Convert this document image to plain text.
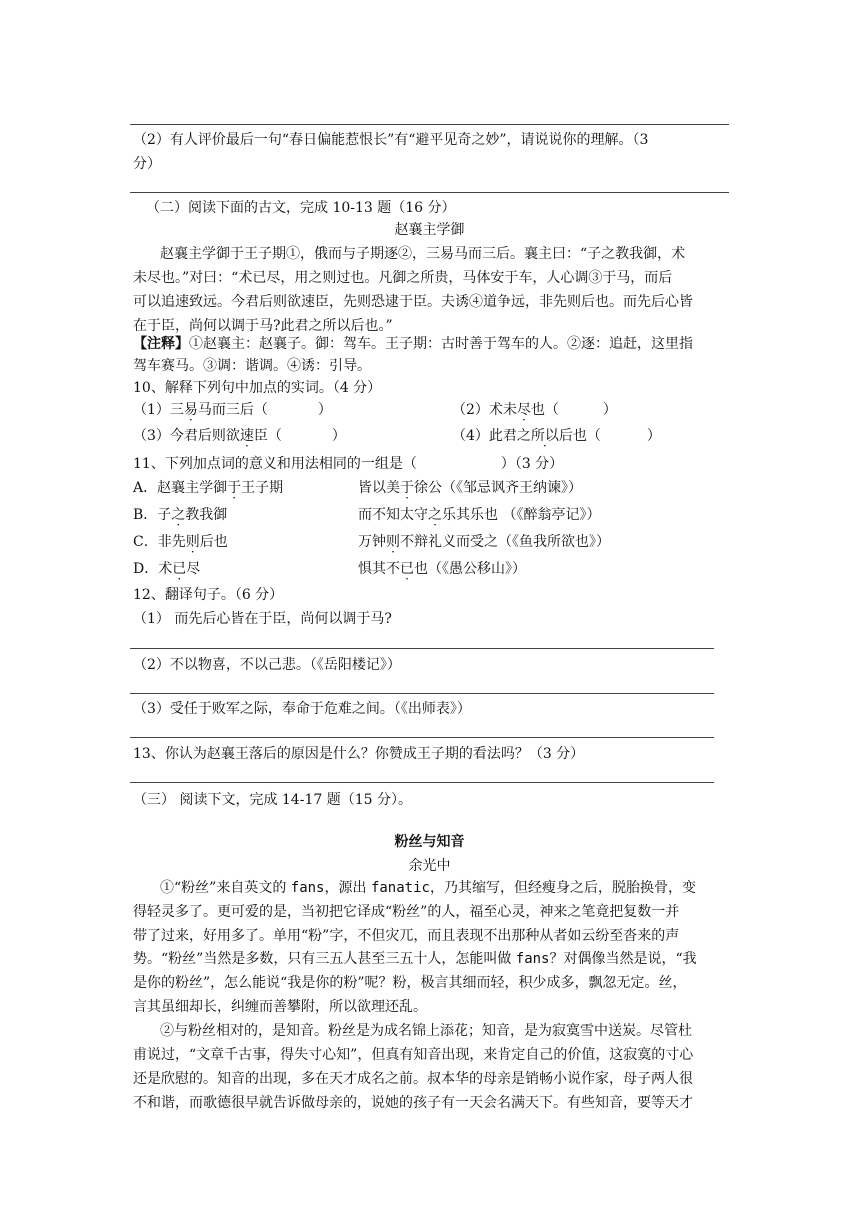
（2）有人评价最后一句“春日偏能惹恨长”有“避平见奇之妙”，请说说你的理解。（3
分）
（二）阅读下面的古文，完成 10-13 题（16 分）
赵襄主学御
赵襄主学御于王子期①，俄而与子期逐②，三易马而三后。襄主曰：“子之教我御，术
未尽也。”对曰：“术已尽，用之则过也。凡御之所贵，马体安于车，人心调③于马，而后
可以追速致远。今君后则欲速臣，先则恐逮于臣。夫诱④道争远，非先则后也。而先后心皆
在于臣，尚何以调于马?此君之所以后也。”
【注释】①赵襄主：赵襄子。御：驾车。王子期：古时善于驾车的人。②逐：追赶，这里指
驾车赛马。③调：谐调。④诱：引导。
10、解释下列句中加点的实词。（4 分）
（1）三易马而三后（	）	（2）术未尽也（	）
（3）今君后则欲速臣（	）	（4）此君之所以后也（	）
11、下列加点词的意义和用法相同的一组是（	）（3 分）
A．赵襄主学御于王子期	皆以美于徐公（《邹忌讽齐王纳谏》）
B．子之教我御	而不知太守之乐其乐也 （《醉翁亭记》）
C．非先则后也	万钟则不辩礼义而受之（《鱼我所欲也》）
D．术已尽	惧其不已也（《愚公移山》）
12、翻译句子。（6 分）
（1） 而先后心皆在于臣，尚何以调于马?
（2）不以物喜，不以己悲。（《岳阳楼记》）
（3）受任于败军之际，奉命于危难之间。（《出师表》）
13、你认为赵襄王落后的原因是什么？你赞成王子期的看法吗？（3 分）
（三） 阅读下文，完成 14-17 题（15 分）。
粉丝与知音
余光中
①“粉丝”来自英文的 fans，源出 fanatic，乃其缩写，但经瘦身之后，脱胎换骨，变
得轻灵多了。更可爱的是，当初把它译成“粉丝”的人，福至心灵，神来之笔竟把复数一并
带了过来，好用多了。单用“粉”字，不但灾兀，而且表现不出那种从者如云纷至沓来的声
势。“粉丝”当然是多数，只有三五人甚至三五十人，怎能叫做 fans？对偶像当然是说，“我
是你的粉丝”，怎么能说“我是你的粉”呢？粉，极言其细而轻，积少成多，飘忽无定。丝，
言其虽细却长，纠缠而善攀附，所以欲理还乱。
②与粉丝相对的，是知音。粉丝是为成名锦上添花；知音，是为寂寞雪中送炭。尽管杜
甫说过，“文章千古事，得失寸心知”，但真有知音出现，来肯定自己的价值，这寂寞的寸心
还是欣慰的。知音的出现，多在天才成名之前。叔本华的母亲是销畅小说作家，母子两人很
不和谐，而歌德很早就告诉做母亲的，说她的孩子有一天会名满天下。有些知音，要等天才
